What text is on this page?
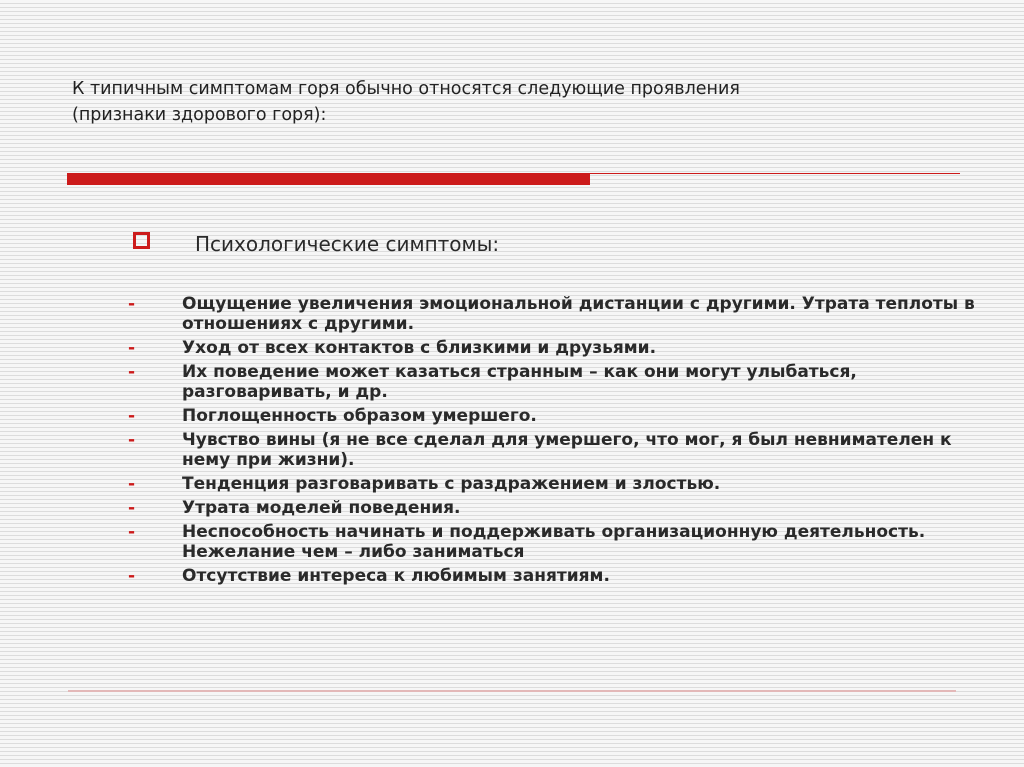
К типичным симптомам горя обычно относятся следующие проявления
(признаки здорового горя):
Психологические симптомы:
-	Ощущение увеличения эмоциональной дистанции с другими. Утрата теплоты в отношениях с другими.
-	Уход от всех контактов с близкими и друзьями.
-	Их поведение может казаться странным – как они могут улыбаться, разговаривать, и др.
-	Поглощенность образом умершего.
-	Чувство вины (я не все сделал для умершего, что мог, я был невнимателен к нему при жизни).
-	Тенденция разговаривать с раздражением и злостью.
-	Утрата моделей поведения.
-	Неспособность начинать и поддерживать организационную деятельность. Нежелание чем – либо заниматься
-	Отсутствие интереса к любимым занятиям.
